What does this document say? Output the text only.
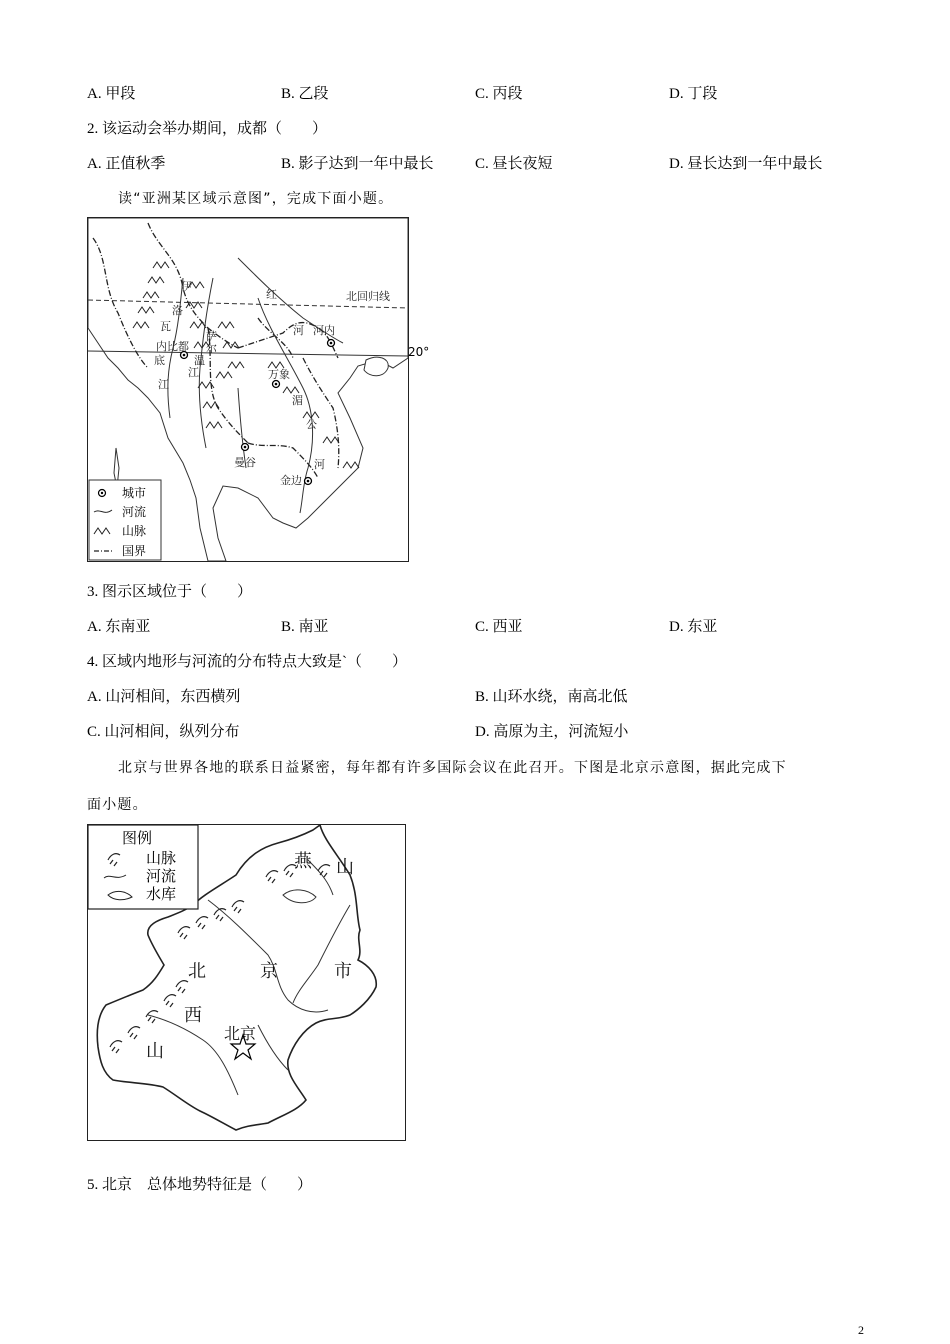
A. 甲段	B. 乙段	C. 丙段	D. 丁段
2. 该运动会举办期间，成都（　　）
A. 正值秋季	B. 影子达到一年中最长	C. 昼长夜短	D. 昼长达到一年中最长
读“亚洲某区域示意图”，完成下面小题。
北回归线
伊
洛
瓦
底
江
萨
尔
温
江
红
河 河内
内比都
万象
湄
公
河
曼谷
金边
城市
河流
山脉
国界
20°
3. 图示区域位于（　　）
A. 东南亚	B. 南亚	C. 西亚	D. 东亚
4. 区域内地形与河流的分布特点大致是`（　　）
A. 山河相间，东西横列	B. 山环水绕，南高北低
C. 山河相间，纵列分布	D. 高原为主，河流短小
北京与世界各地的联系日益紧密，每年都有许多国际会议在此召开。下图是北京示意图，据此完成下
面小题。
图例
山脉
河流
水库
燕 山
北	京	市
西
山
北京
5. 北京　总体地势特征是（　　）
2
